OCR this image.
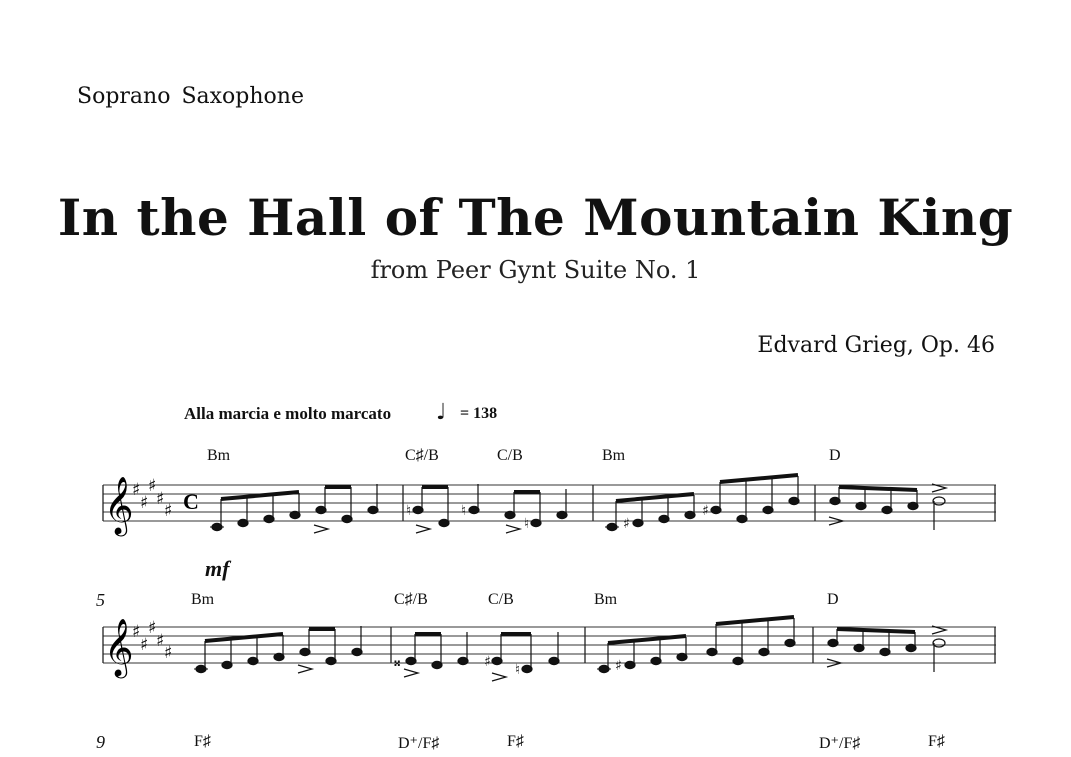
Soprano Saxophone
In the Hall of The Mountain King
from Peer Gynt Suite No. 1
Edvard Grieg, Op. 46
Alla marcia e molto marcato ♩ = 138
Bm	C♯/B	C/B	Bm	D
𝄞
♯
♯
♯
♯
♯ C	♮	♮
♮	♯
♯
mf
5	Bm	C♯/B	C/B	Bm	D
𝄞
♯
♯
♯
♯
♯	𝄪	♯ ♮	♯
9	F♯	D⁺/F♯	F♯	D⁺/F♯	F♯
